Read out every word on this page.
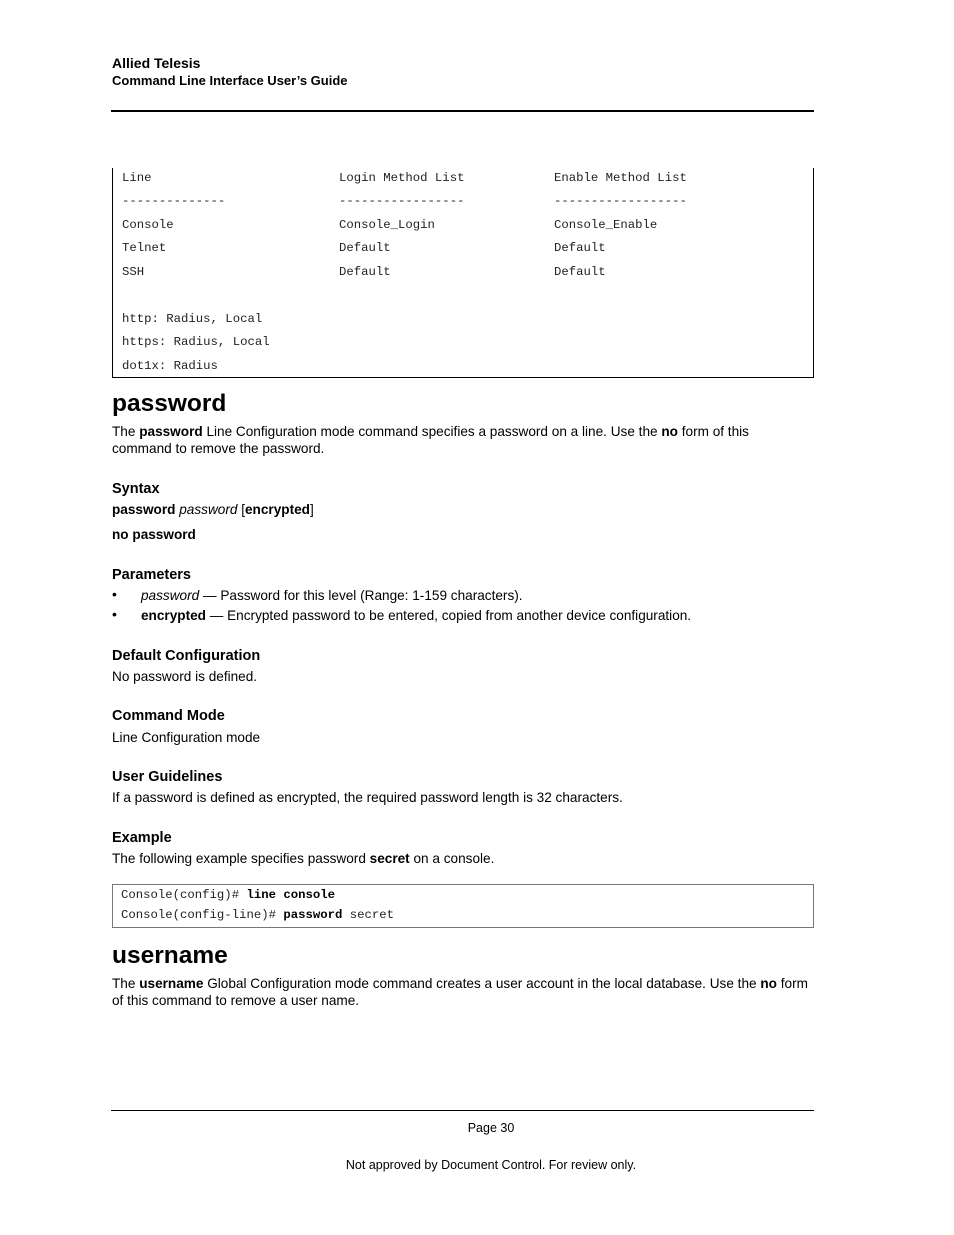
Allied Telesis
Command Line Interface User’s Guide
Line	Login Method List	Enable Method List
--------------	-----------------	------------------
Console	Console_Login	Console_Enable
Telnet	Default	Default
SSH	Default	Default
http: Radius, Local
https: Radius, Local
dot1x: Radius
password
The password Line Configuration mode command specifies a password on a line. Use the no form of this command to remove the password.
Syntax
password password [encrypted]
no password
Parameters
• password — Password for this level (Range: 1-159 characters).
• encrypted — Encrypted password to be entered, copied from another device configuration.
Default Configuration
No password is defined.
Command Mode
Line Configuration mode
User Guidelines
If a password is defined as encrypted, the required password length is 32 characters.
Example
The following example specifies password secret on a console.
Console(config)# line console
Console(config-line)# password secret
username
The username Global Configuration mode command creates a user account in the local database. Use the no form of this command to remove a user name.
Page 30
Not approved by Document Control. For review only.
